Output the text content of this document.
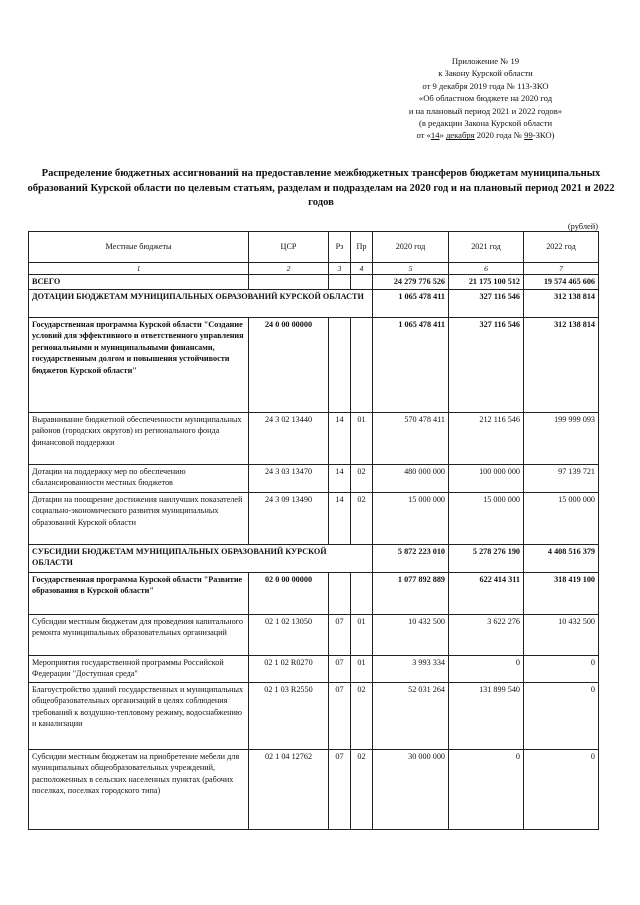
Приложение № 19
к Закону Курской области
от 9 декабря 2019 года № 113-ЗКО
«Об областном бюджете на 2020 год
и на плановый период 2021 и 2022 годов»
(в редакции Закона Курской области
от «14» декабря 2020 года № 99-ЗКО)
Распределение бюджетных ассигнований на предоставление межбюджетных трансферов бюджетам муниципальных образований Курской области по целевым статьям, разделам и подразделам на 2020 год и на плановый период 2021 и 2022 годов
(рублей)
Местные бюджеты	ЦСР	Рз	Пр	2020 год	2021 год	2022 год
1	2	3	4	5	6	7
ВСЕГО				24 279 776 526	21 175 100 512	19 574 465 606
ДОТАЦИИ БЮДЖЕТАМ МУНИЦИПАЛЬНЫХ ОБРАЗОВАНИЙ КУРСКОЙ ОБЛАСТИ				1 065 478 411	327 116 546	312 138 814
Государственная программа Курской области "Создание условий для эффективного и ответственного управления региональными и муниципальными финансами, государственным долгом и повышения устойчивости бюджетов Курской области"	24 0 00 00000			1 065 478 411	327 116 546	312 138 814
Выравнивание бюджетной обеспеченности муниципальных районов (городских округов) из регионального фонда финансовой поддержки	24 3 02 13440	14	01	570 478 411	212 116 546	199 999 093
Дотации на поддержку мер по обеспечению сбалансированности местных бюджетов	24 3 03 13470	14	02	480 000 000	100 000 000	97 139 721
Дотации на поощрение достижения наилучших показателей социально-экономического развития муниципальных образований Курской области	24 3 09 13490	14	02	15 000 000	15 000 000	15 000 000
СУБСИДИИ БЮДЖЕТАМ МУНИЦИПАЛЬНЫХ ОБРАЗОВАНИЙ КУРСКОЙ ОБЛАСТИ				5 872 223 010	5 278 276 190	4 408 516 379
Государственная программа Курской области "Развитие образования в Курской области"	02 0 00 00000			1 077 892 889	622 414 311	318 419 100
Субсидии местным бюджетам для проведения капитального ремонта муниципальных образовательных организаций	02 1 02 13050	07	01	10 432 500	3 622 276	10 432 500
Мероприятия государственной программы Российской Федерации "Доступная среда"	02 1 02 R0270	07	01	3 993 334	0	0
Благоустройство зданий государственных и муниципальных общеобразовательных организаций в целях соблюдения требований к воздушно-тепловому режиму, водоснабжению и канализации	02 1 03 R2550	07	02	52 031 264	131 899 540	0
Субсидии местным бюджетам на приобретение мебели для муниципальных общеобразовательных учреждений, расположенных в сельских населенных пунктах (рабочих поселках, поселках городского типа)	02 1 04 12762	07	02	30 000 000	0	0
